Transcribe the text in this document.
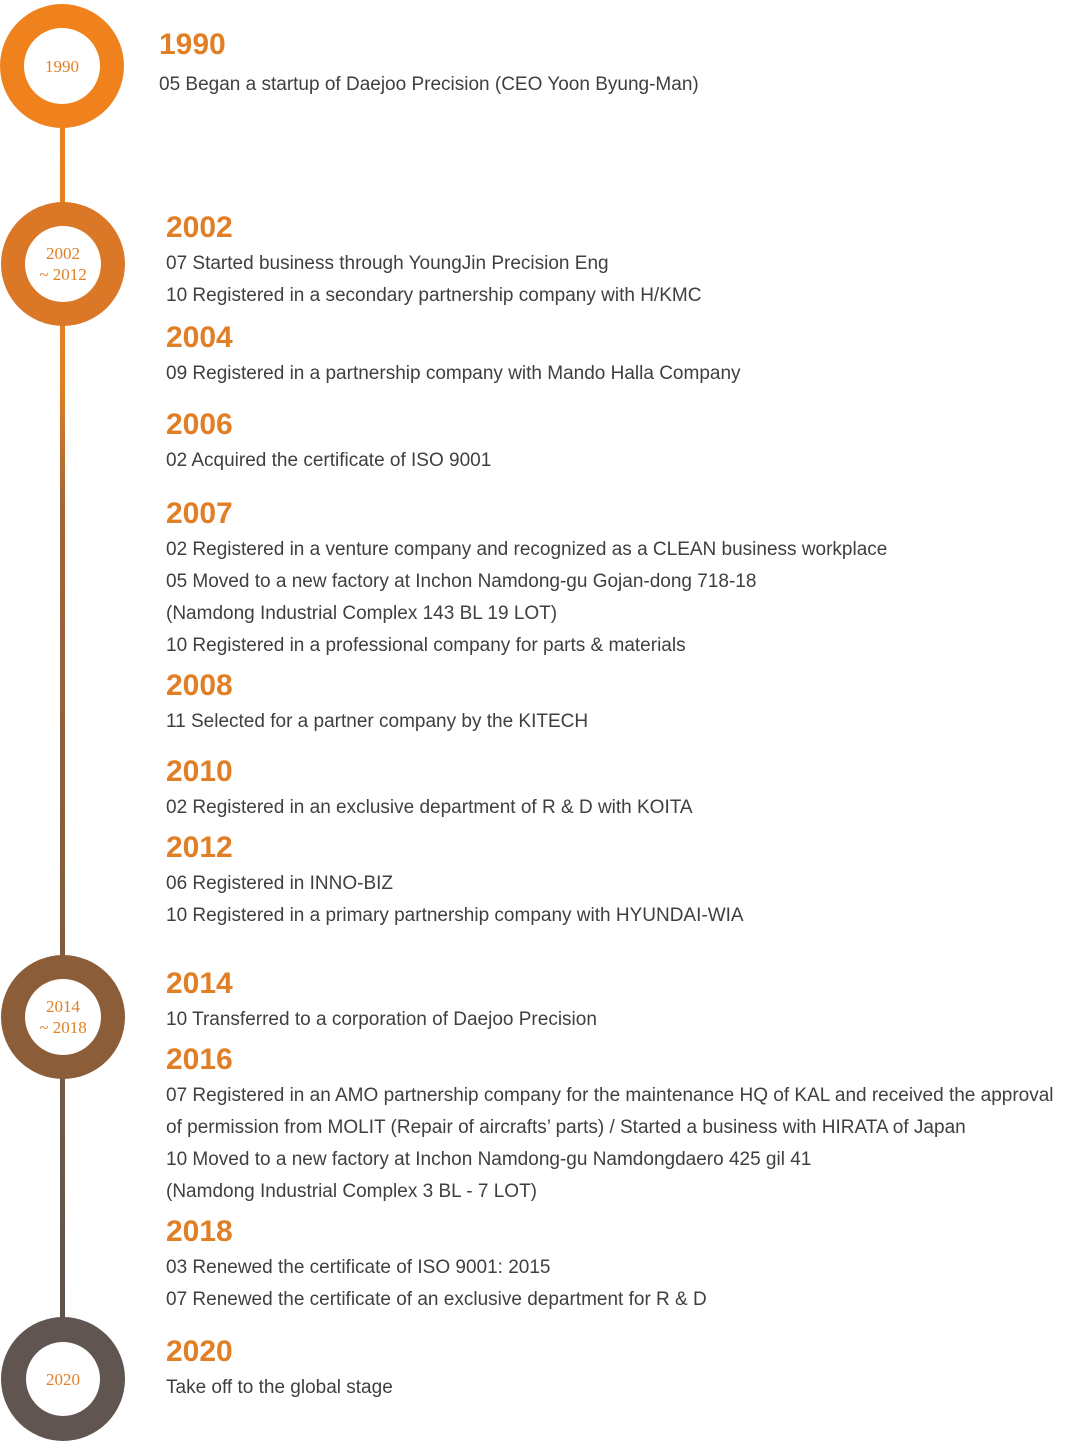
1990
2002
~ 2012
2014
~ 2018
2020
1990

05 Began a startup of Daejoo Precision (CEO Yoon Byung-Man)

2002

07 Started business through YoungJin Precision Eng

10 Registered in a secondary partnership company with H/KMC

2004

09 Registered in a partnership company with Mando Halla Company

2006

02 Acquired the certificate of ISO 9001

2007

02 Registered in a venture company and recognized as a CLEAN business workplace

05 Moved to a new factory at Inchon Namdong-gu Gojan-dong 718-18

(Namdong Industrial Complex 143 BL 19 LOT)

10 Registered in a professional company for parts & materials

2008

11 Selected for a partner company by the KITECH

2010

02 Registered in an exclusive department of R & D with KOITA

2012

06 Registered in INNO-BIZ

10 Registered in a primary partnership company with HYUNDAI-WIA

2014

10 Transferred to a corporation of Daejoo Precision

2016

07 Registered in an AMO partnership company for the maintenance HQ of KAL and received the approval of permission from MOLIT (Repair of aircrafts’ parts) / Started a business with HIRATA of Japan

10 Moved to a new factory at Inchon Namdong-gu Namdongdaero 425 gil 41

(Namdong Industrial Complex 3 BL - 7 LOT)

2018

03 Renewed the certificate of ISO 9001: 2015

07 Renewed the certificate of an exclusive department for R & D

2020

Take off to the global stage
